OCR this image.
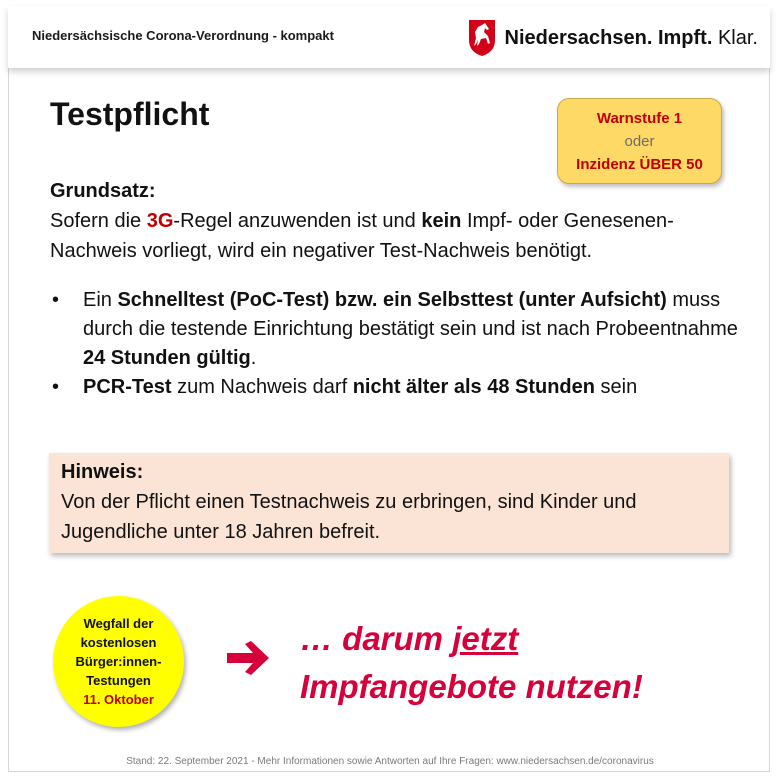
Niedersächsische Corona-Verordnung - kompakt	Niedersachsen. Impft. Klar.
Testpflicht	Warnstufe 1
oder
Inzidenz ÜBER 50
Grundsatz:
Sofern die 3G-Regel anzuwenden ist und kein Impf- oder Genesenen-Nachweis vorliegt, wird ein negativer Test-Nachweis benötigt.
• Ein Schnelltest (PoC-Test) bzw. ein Selbsttest (unter Aufsicht) muss durch die testende Einrichtung bestätigt sein und ist nach Probeentnahme 24 Stunden gültig.
• PCR-Test zum Nachweis darf nicht älter als 48 Stunden sein
Hinweis:
Von der Pflicht einen Testnachweis zu erbringen, sind Kinder und Jugendliche unter 18 Jahren befreit.
Wegfall der
kostenlosen
Bürger:innen-
Testungen
11. Oktober
… darum jetzt
Impfangebote nutzen!
Stand: 22. September 2021 - Mehr Informationen sowie Antworten auf Ihre Fragen: www.niedersachsen.de/coronavirus
